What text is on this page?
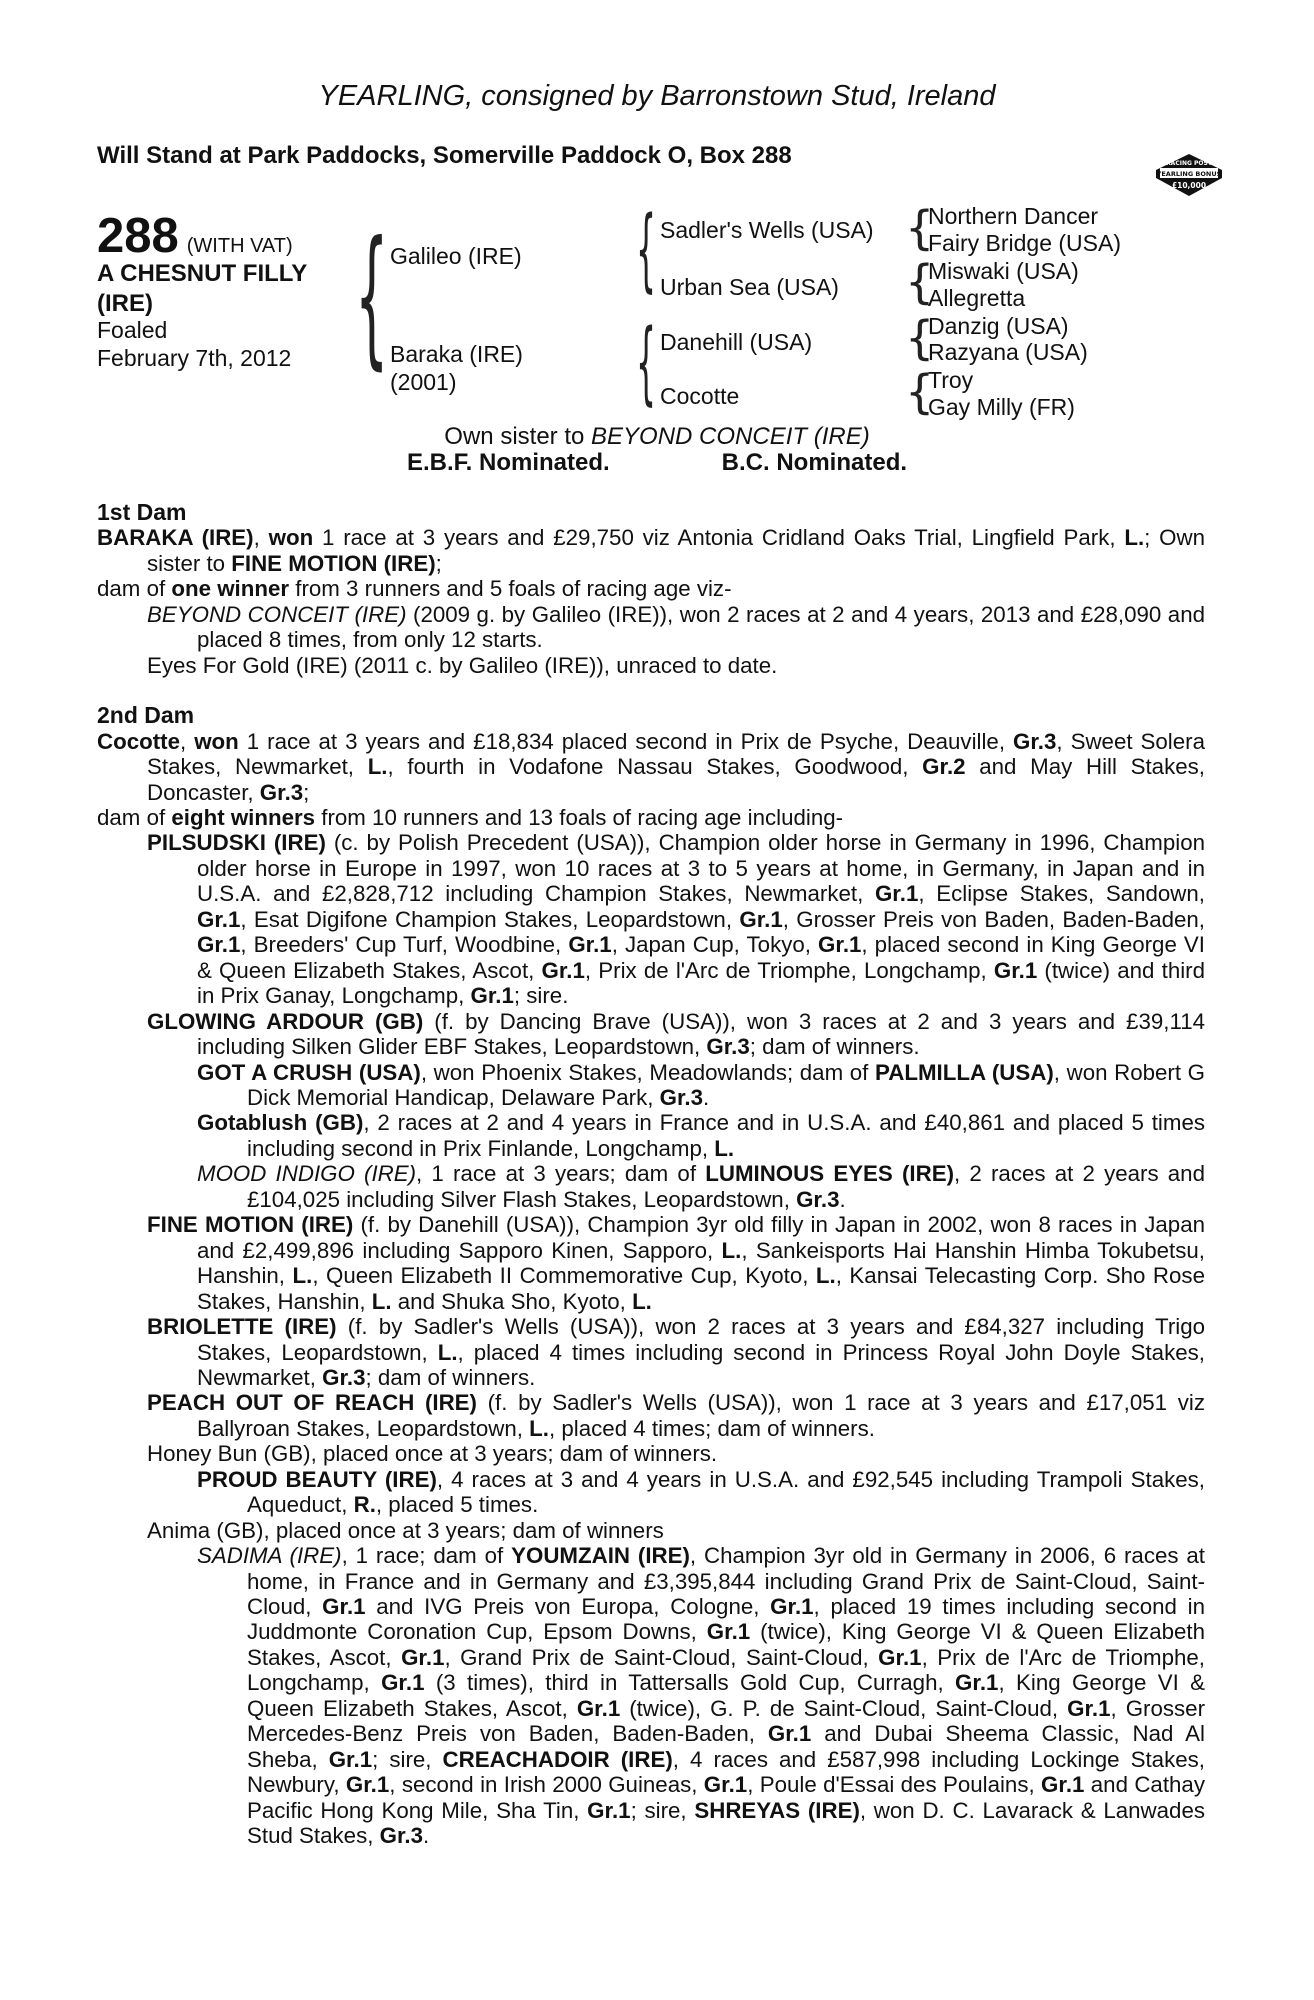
YEARLING, consigned by Barronstown Stud, Ireland
Will Stand at Park Paddocks, Somerville Paddock O, Box 288	RACING POST
YEARLING BONUS
£10,000
288 (WITH VAT)
A CHESNUT FILLY
(IRE)
Foaled
February 7th, 2012 { Galileo (IRE)
Baraka (IRE)
(2001)
{ Sadler's Wells (USA)
Urban Sea (USA)
{ Danehill (USA)
Cocotte
{
Northern Dancer
Fairy Bridge (USA)
{
Miswaki (USA)
Allegretta
{
Danzig (USA)
Razyana (USA)
{
Troy
Gay Milly (FR)
Own sister to BEYOND CONCEIT (IRE)
E.B.F. Nominated.	B.C. Nominated.
1st Dam
BARAKA (IRE), won 1 race at 3 years and £29,750 viz Antonia Cridland Oaks Trial, Lingfield Park, L.; Own sister to FINE MOTION (IRE);
dam of one winner from 3 runners and 5 foals of racing age viz-
BEYOND CONCEIT (IRE) (2009 g. by Galileo (IRE)), won 2 races at 2 and 4 years, 2013 and £28,090 and placed 8 times, from only 12 starts.
Eyes For Gold (IRE) (2011 c. by Galileo (IRE)), unraced to date.
2nd Dam
Cocotte, won 1 race at 3 years and £18,834 placed second in Prix de Psyche, Deauville, Gr.3, Sweet Solera Stakes, Newmarket, L., fourth in Vodafone Nassau Stakes, Goodwood, Gr.2 and May Hill Stakes, Doncaster, Gr.3;
dam of eight winners from 10 runners and 13 foals of racing age including-
PILSUDSKI (IRE) (c. by Polish Precedent (USA)), Champion older horse in Germany in 1996, Champion older horse in Europe in 1997, won 10 races at 3 to 5 years at home, in Germany, in Japan and in U.S.A. and £2,828,712 including Champion Stakes, Newmarket, Gr.1, Eclipse Stakes, Sandown, Gr.1, Esat Digifone Champion Stakes, Leopardstown, Gr.1, Grosser Preis von Baden, Baden-Baden, Gr.1, Breeders' Cup Turf, Woodbine, Gr.1, Japan Cup, Tokyo, Gr.1, placed second in King George VI & Queen Elizabeth Stakes, Ascot, Gr.1, Prix de l'Arc de Triomphe, Longchamp, Gr.1 (twice) and third in Prix Ganay, Longchamp, Gr.1; sire.
GLOWING ARDOUR (GB) (f. by Dancing Brave (USA)), won 3 races at 2 and 3 years and £39,114 including Silken Glider EBF Stakes, Leopardstown, Gr.3; dam of winners.
GOT A CRUSH (USA), won Phoenix Stakes, Meadowlands; dam of PALMILLA (USA), won Robert G Dick Memorial Handicap, Delaware Park, Gr.3.
Gotablush (GB), 2 races at 2 and 4 years in France and in U.S.A. and £40,861 and placed 5 times including second in Prix Finlande, Longchamp, L.
MOOD INDIGO (IRE), 1 race at 3 years; dam of LUMINOUS EYES (IRE), 2 races at 2 years and £104,025 including Silver Flash Stakes, Leopardstown, Gr.3.
FINE MOTION (IRE) (f. by Danehill (USA)), Champion 3yr old filly in Japan in 2002, won 8 races in Japan and £2,499,896 including Sapporo Kinen, Sapporo, L., Sankeisports Hai Hanshin Himba Tokubetsu, Hanshin, L., Queen Elizabeth II Commemorative Cup, Kyoto, L., Kansai Telecasting Corp. Sho Rose Stakes, Hanshin, L. and Shuka Sho, Kyoto, L.
BRIOLETTE (IRE) (f. by Sadler's Wells (USA)), won 2 races at 3 years and £84,327 including Trigo Stakes, Leopardstown, L., placed 4 times including second in Princess Royal John Doyle Stakes, Newmarket, Gr.3; dam of winners.
PEACH OUT OF REACH (IRE) (f. by Sadler's Wells (USA)), won 1 race at 3 years and £17,051 viz Ballyroan Stakes, Leopardstown, L., placed 4 times; dam of winners.
Honey Bun (GB), placed once at 3 years; dam of winners.
PROUD BEAUTY (IRE), 4 races at 3 and 4 years in U.S.A. and £92,545 including Trampoli Stakes, Aqueduct, R., placed 5 times.
Anima (GB), placed once at 3 years; dam of winners
SADIMA (IRE), 1 race; dam of YOUMZAIN (IRE), Champion 3yr old in Germany in 2006, 6 races at home, in France and in Germany and £3,395,844 including Grand Prix de Saint-Cloud, Saint-Cloud, Gr.1 and IVG Preis von Europa, Cologne, Gr.1, placed 19 times including second in Juddmonte Coronation Cup, Epsom Downs, Gr.1 (twice), King George VI & Queen Elizabeth Stakes, Ascot, Gr.1, Grand Prix de Saint-Cloud, Saint-Cloud, Gr.1, Prix de l'Arc de Triomphe, Longchamp, Gr.1 (3 times), third in Tattersalls Gold Cup, Curragh, Gr.1, King George VI & Queen Elizabeth Stakes, Ascot, Gr.1 (twice), G. P. de Saint-Cloud, Saint-Cloud, Gr.1, Grosser Mercedes-Benz Preis von Baden, Baden-Baden, Gr.1 and Dubai Sheema Classic, Nad Al Sheba, Gr.1; sire, CREACHADOIR (IRE), 4 races and £587,998 including Lockinge Stakes, Newbury, Gr.1, second in Irish 2000 Guineas, Gr.1, Poule d'Essai des Poulains, Gr.1 and Cathay Pacific Hong Kong Mile, Sha Tin, Gr.1; sire, SHREYAS (IRE), won D. C. Lavarack & Lanwades Stud Stakes, Gr.3.
